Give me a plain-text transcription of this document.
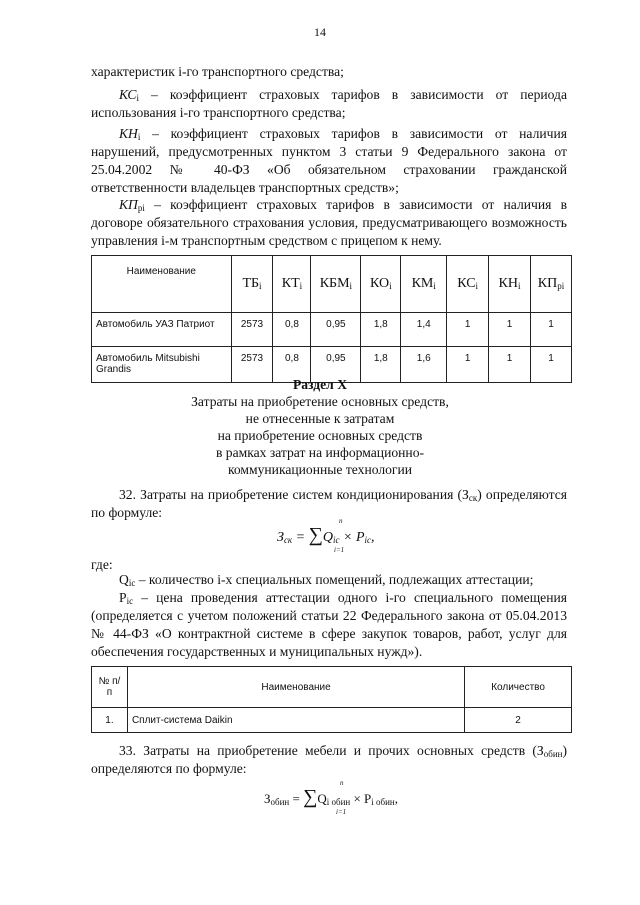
14

характеристик i-го транспортного средства;

$КС_i$ – коэффициент страховых тарифов в зависимости от периода использования i-го транспортного средства;

$КН_i$ – коэффициент страховых тарифов в зависимости от наличия нарушений, предусмотренных пунктом 3 статьи 9 Федерального закона от 25.04.2002 № 40-ФЗ «Об обязательном страховании гражданской ответственности владельцев транспортных средств»;

$КП_{pi}$ – коэффициент страховых тарифов в зависимости от наличия в договоре обязательного страхования условия, предусматривающего возможность управления i-м транспортным средством с прицепом к нему.

Наименование	$ТБ_i$	$КТ_i$	$КБМ_i$	$КО_i$	$КМ_i$	$КС_i$	$КН_i$	$КП_{pi}$
Автомобиль УАЗ Патриот	2573	0,8	0,95	1,8	1,4	1	1	1
Автомобиль Mitsubishi Grandis	2573	0,8	0,95	1,8	1,6	1	1	1
Раздел X
Затраты на приобретение основных средств,
не отнесенные к затратам
на приобретение основных средств
в рамках затрат на информационно-
коммуникационные технологии

32. Затраты на приобретение систем кондиционирования $(З_{ск})$ определяются по формуле:

$З_{ск} = \sum Q_{ic} \times P_{ic}$,
n
i=1

где:

$Q_{ic}$ – количество i-х специальных помещений, подлежащих аттестации;

$P_{ic}$ – цена проведения аттестации одного i-го специального помещения (определяется с учетом положений статьи 22 Федерального закона от 05.04.2013 № 44-ФЗ «О контрактной системе в сфере закупок товаров, работ, услуг для обеспечения государственных и муниципальных нужд»).

№ п/п	Наименование	Количество
1.	Сплит-система Daikin	2

33. Затраты на приобретение мебели и прочих основных средств $(З_{обин})$ определяются по формуле:

$З_{обин} = \sum Q_{i обин} \times P_{i обин}$,
n
i=1
